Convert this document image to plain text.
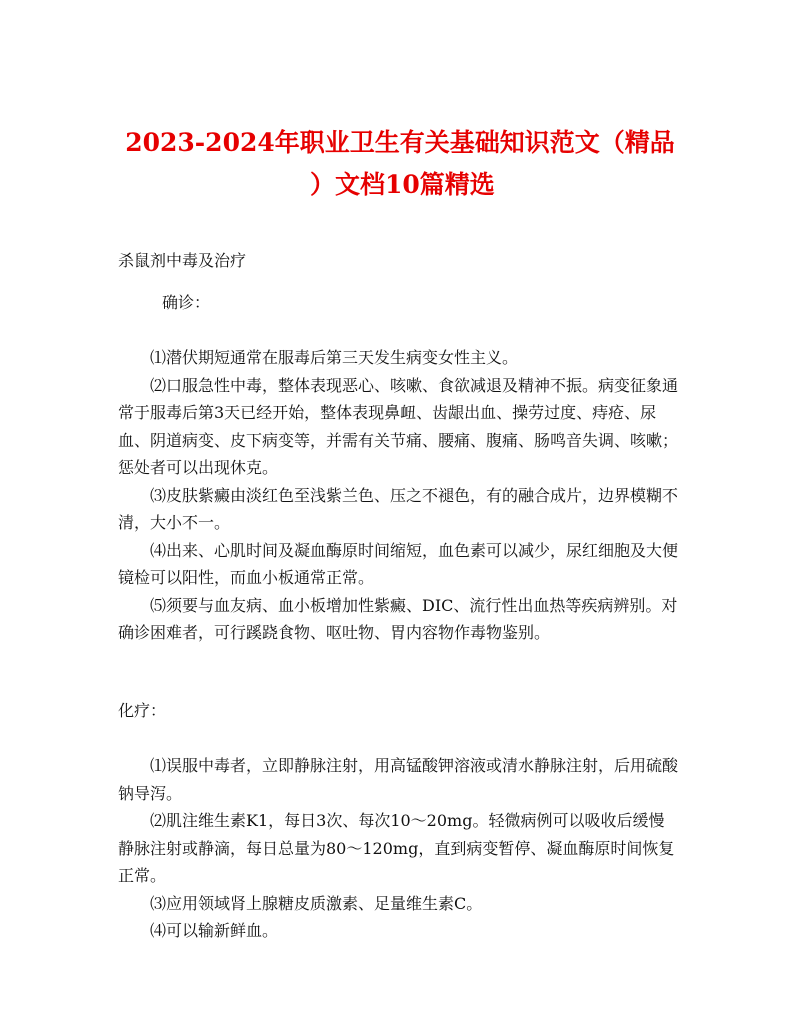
2023-2024年职业卫生有关基础知识范文（精品
）文档10篇精选
杀鼠剂中毒及治疗
确诊：

⑴潜伏期短通常在服毒后第三天发生病变女性主义。

⑵口服急性中毒，整体表现恶心、咳嗽、食欲减退及精神不振。病变征象通常于服毒后第3天已经开始，整体表现鼻衄、齿龈出血、操劳过度、痔疮、尿血、阴道病变、皮下病变等，并需有关节痛、腰痛、腹痛、肠鸣音失调、咳嗽；惩处者可以出现休克。

⑶皮肤紫癜由淡红色至浅紫兰色、压之不褪色，有的融合成片，边界模糊不清，大小不一。

⑷出来、心肌时间及凝血酶原时间缩短，血色素可以减少，尿红细胞及大便镜检可以阳性，而血小板通常正常。

⑸须要与血友病、血小板增加性紫癜、DIC、流行性出血热等疾病辨别。对确诊困难者，可行蹊跷食物、呕吐物、胃内容物作毒物鉴别。

化疗：

⑴误服中毒者，立即静脉注射，用高锰酸钾溶液或清水静脉注射，后用硫酸钠导泻。

⑵肌注维生素K1，每日3次、每次10～20mg。轻微病例可以吸收后缓慢静脉注射或静滴，每日总量为80～120mg，直到病变暂停、凝血酶原时间恢复正常。

⑶应用领域肾上腺糖皮质激素、足量维生素C。

⑷可以输新鲜血。
